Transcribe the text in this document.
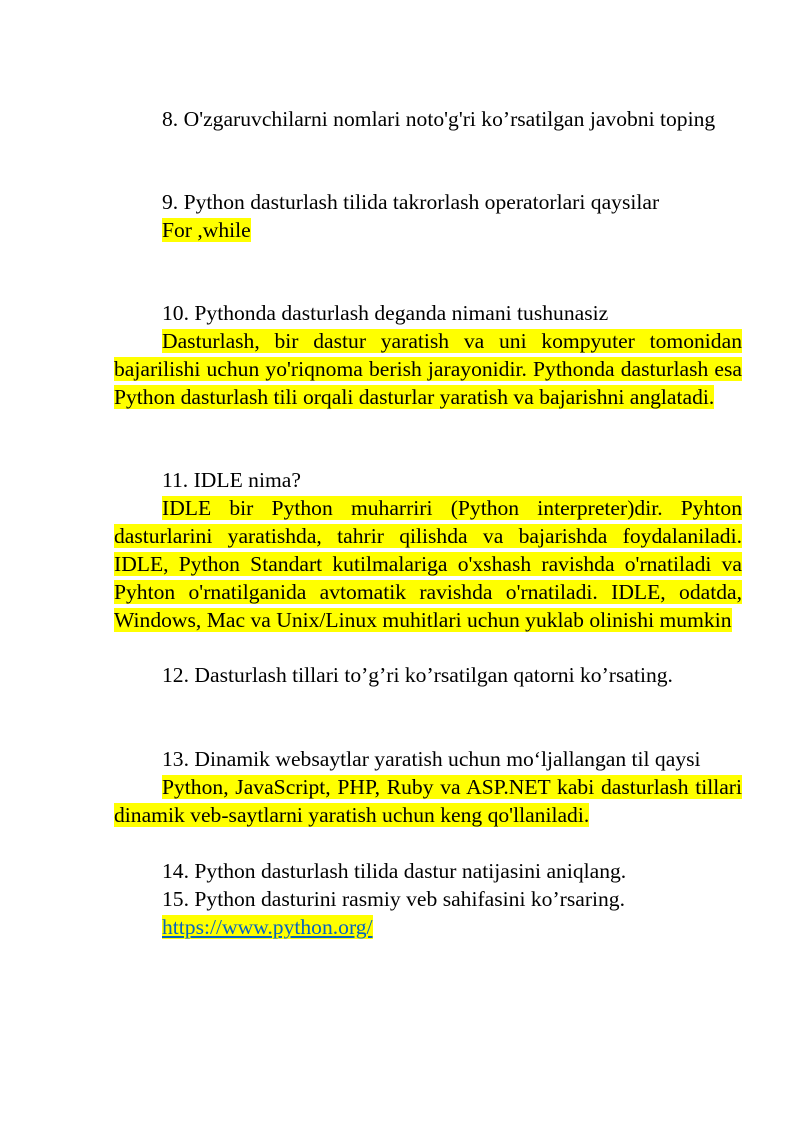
8. O'zgaruvchilarni nomlari noto'g'ri ko’rsatilgan javobni toping

9. Python dasturlash tilida takrorlash operatorlari qaysilar

For ,while

10. Pythonda dasturlash deganda nimani tushunasiz

Dasturlash, bir dastur yaratish va uni kompyuter tomonidan bajarilishi uchun yo'riqnoma berish jarayonidir. Pythonda dasturlash esa Python dasturlash tili orqali dasturlar yaratish va bajarishni anglatadi.

11. IDLE nima?

IDLE bir Python muharriri (Python interpreter)dir. Pyhton dasturlarini yaratishda, tahrir qilishda va bajarishda foydalaniladi. IDLE, Python Standart kutilmalariga o'xshash ravishda o'rnatiladi va Pyhton o'rnatilganida avtomatik ravishda o'rnatiladi. IDLE, odatda, Windows, Mac va Unix/Linux muhitlari uchun yuklab olinishi mumkin

12. Dasturlash tillari to’g’ri ko’rsatilgan qatorni ko’rsating.

13. Dinamik websaytlar yaratish uchun mo‘ljallangan til qaysi

Python, JavaScript, PHP, Ruby va ASP.NET kabi dasturlash tillari dinamik veb-saytlarni yaratish uchun keng qo'llaniladi.

14. Python dasturlash tilida dastur natijasini aniqlang.

15. Python dasturini rasmiy veb sahifasini ko’rsaring.

https://www.python.org/
